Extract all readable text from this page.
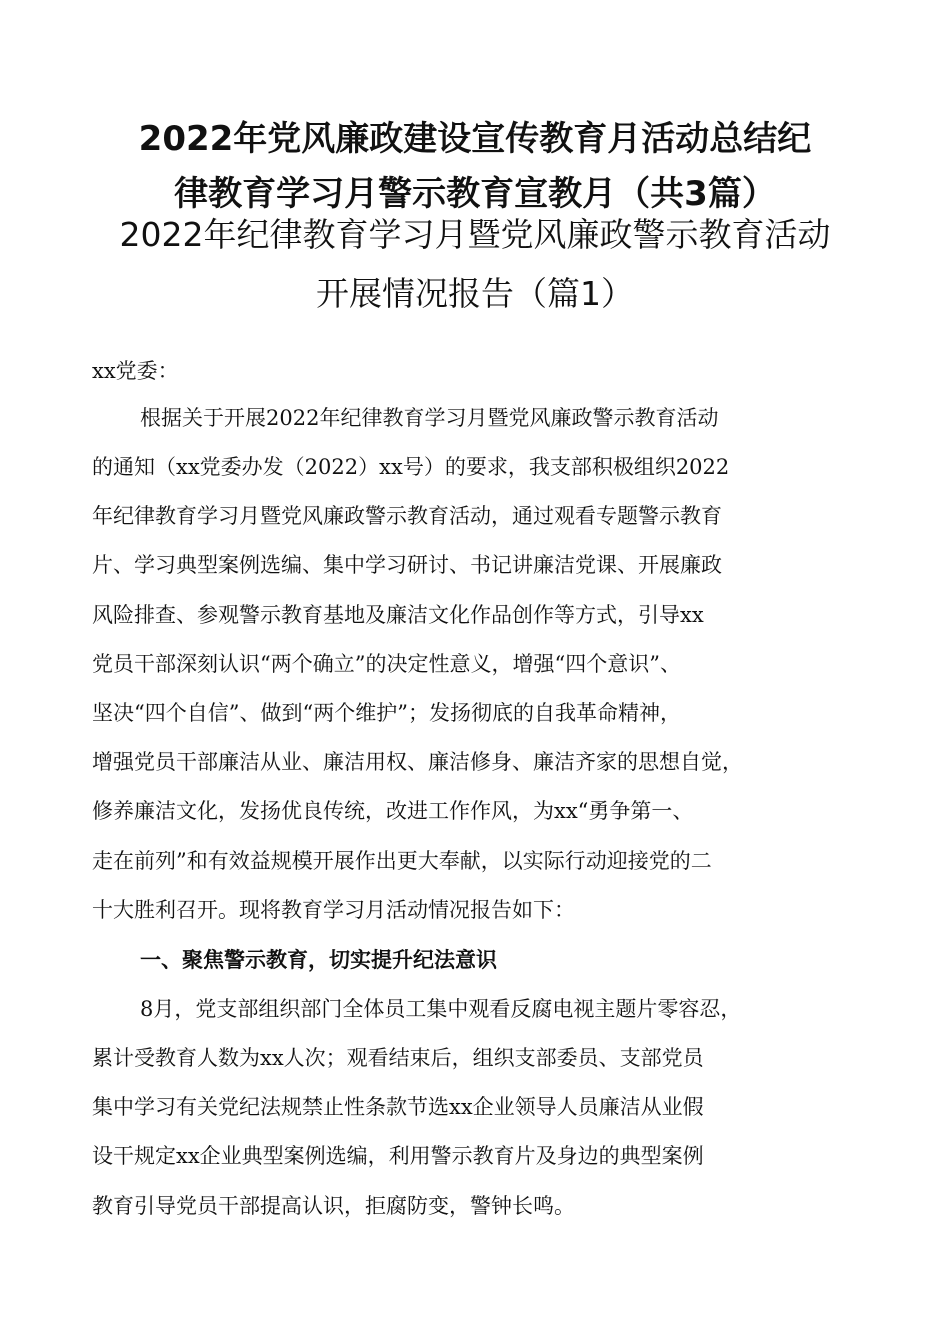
2022年党风廉政建设宣传教育月活动总结纪
律教育学习月警示教育宣教月（共3篇）
2022年纪律教育学习月暨党风廉政警示教育活动
开展情况报告（篇1）

xx党委：

根据关于开展2022年纪律教育学习月暨党风廉政警示教育活动

的通知（xx党委办发（2022）xx号）的要求，我支部积极组织2022

年纪律教育学习月暨党风廉政警示教育活动，通过观看专题警示教育

片、学习典型案例选编、集中学习研讨、书记讲廉洁党课、开展廉政

风险排查、参观警示教育基地及廉洁文化作品创作等方式，引导xx

党员干部深刻认识“两个确立”的决定性意义，增强“四个意识”、

坚决“四个自信”、做到“两个维护”；发扬彻底的自我革命精神，

增强党员干部廉洁从业、廉洁用权、廉洁修身、廉洁齐家的思想自觉，

修养廉洁文化，发扬优良传统，改进工作作风，为xx“勇争第一、

走在前列”和有效益规模开展作出更大奉献，以实际行动迎接党的二

十大胜利召开。现将教育学习月活动情况报告如下：

一、聚焦警示教育，切实提升纪法意识

8月，党支部组织部门全体员工集中观看反腐电视主题片零容忍，

累计受教育人数为xx人次；观看结束后，组织支部委员、支部党员

集中学习有关党纪法规禁止性条款节选xx企业领导人员廉洁从业假

设干规定xx企业典型案例选编，利用警示教育片及身边的典型案例

教育引导党员干部提高认识，拒腐防变，警钟长鸣。
